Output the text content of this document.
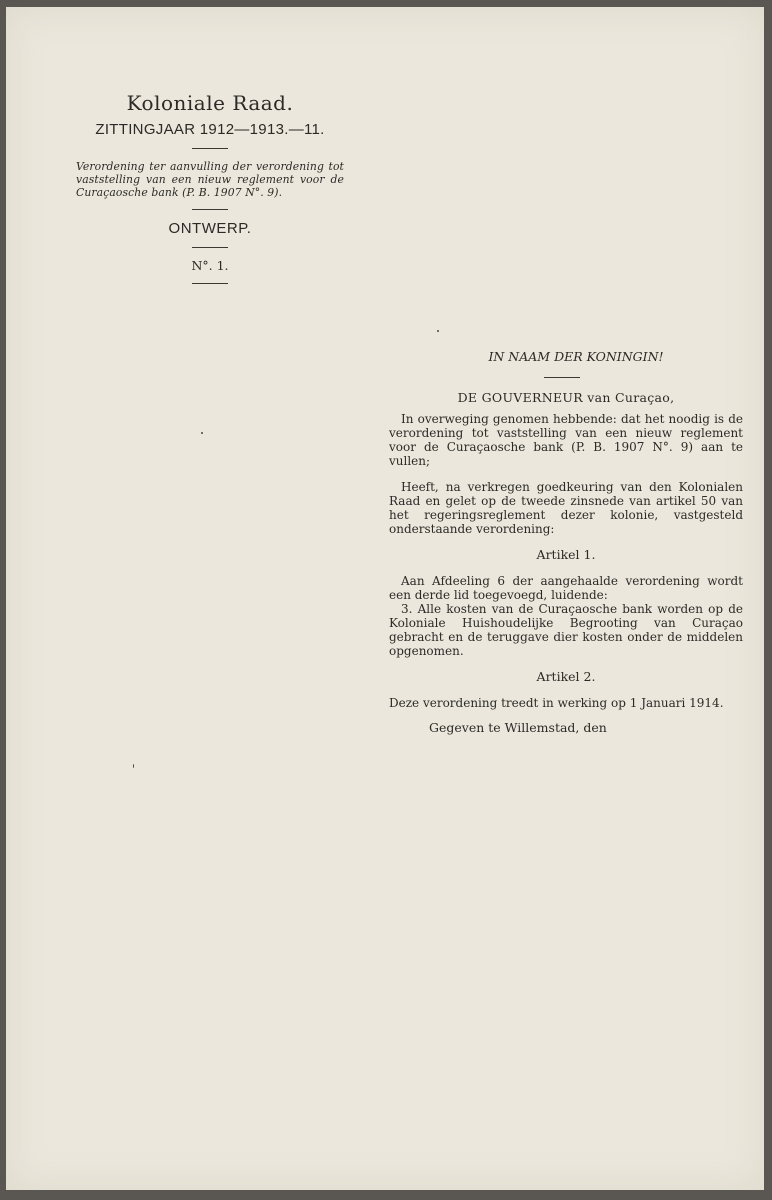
Koloniale Raad.
ZITTINGJAAR 1912—1913.—11.
Verordening ter aanvulling der verordening tot vaststelling van een nieuw reglement voor de Curaçaosche bank (P. B. 1907 N°. 9).
ONTWERP.
N°. 1.
IN NAAM DER KONINGIN!
DE GOUVERNEUR van Curaçao,

In overweging genomen hebbende: dat het noodig is de verordening tot vaststelling van een nieuw reglement voor de Curaçaosche bank (P. B. 1907 N°. 9) aan te vullen;

Heeft, na verkregen goedkeuring van den Kolonialen Raad en gelet op de tweede zinsnede van artikel 50 van het regeringsreglement dezer kolonie, vastgesteld onderstaande verordening:

Artikel 1.

Aan Afdeeling 6 der aangehaalde verordening wordt een derde lid toegevoegd, luidende:

3. Alle kosten van de Curaçaosche bank worden op de Koloniale Huishoudelijke Begrooting van Curaçao gebracht en de teruggave dier kosten onder de middelen opgenomen.

Artikel 2.

Deze verordening treedt in werking op 1 Januari 1914.

Gegeven te Willemstad, den
